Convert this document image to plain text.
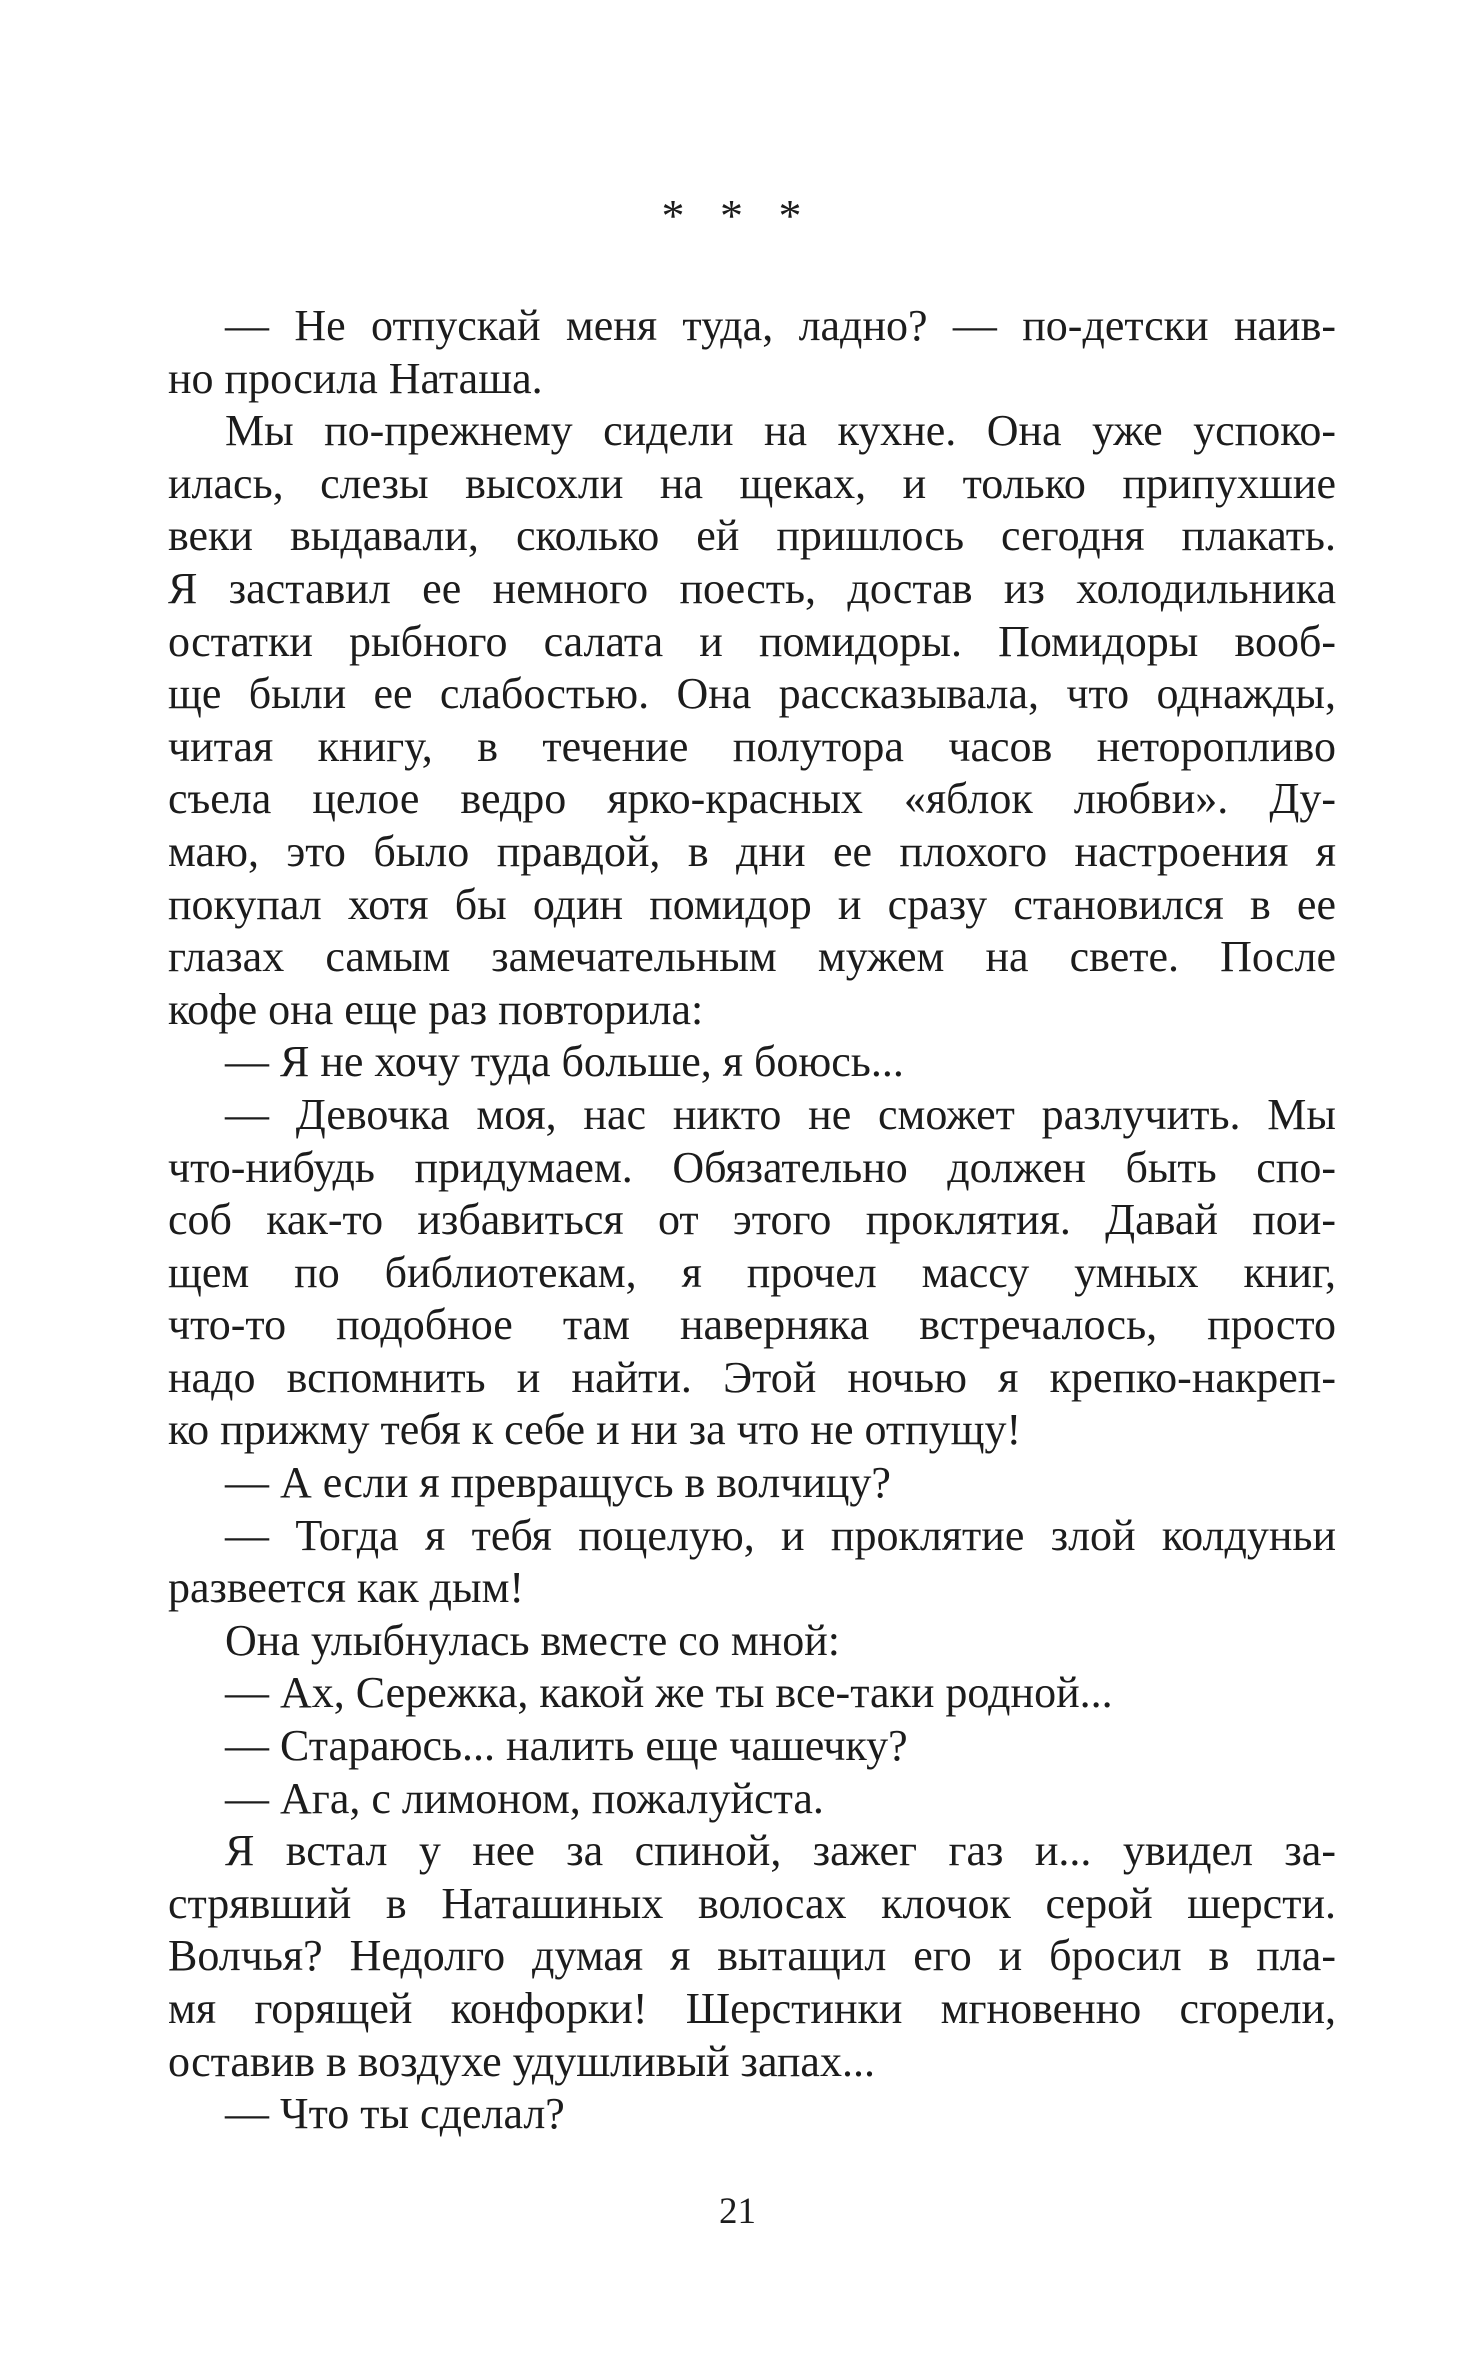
* * *
— Не отпускай меня туда, ладно? — по-детски наив-
но просила Наташа.
Мы по-прежнему сидели на кухне. Она уже успоко-
илась, слезы высохли на щеках, и только припухшие
веки выдавали, сколько ей пришлось сегодня плакать.
Я заставил ее немного поесть, достав из холодильника
остатки рыбного салата и помидоры. Помидоры вооб-
ще были ее слабостью. Она рассказывала, что однажды,
читая книгу, в течение полутора часов неторопливо
съела целое ведро ярко-красных «яблок любви». Ду-
маю, это было правдой, в дни ее плохого настроения я
покупал хотя бы один помидор и сразу становился в ее
глазах самым замечательным мужем на свете. После
кофе она еще раз повторила:
— Я не хочу туда больше, я боюсь...
— Девочка моя, нас никто не сможет разлучить. Мы
что-нибудь придумаем. Обязательно должен быть спо-
соб как-то избавиться от этого проклятия. Давай пои-
щем по библиотекам, я прочел массу умных книг,
что-то подобное там наверняка встречалось, просто
надо вспомнить и найти. Этой ночью я крепко-накреп-
ко прижму тебя к себе и ни за что не отпущу!
— А если я превращусь в волчицу?
— Тогда я тебя поцелую, и проклятие злой колдуньи
развеется как дым!
Она улыбнулась вместе со мной:
— Ах, Сережка, какой же ты все-таки родной...
— Стараюсь... налить еще чашечку?
— Ага, с лимоном, пожалуйста.
Я встал у нее за спиной, зажег газ и... увидел за-
стрявший в Наташиных волосах клочок серой шерсти.
Волчья? Недолго думая я вытащил его и бросил в пла-
мя горящей конфорки! Шерстинки мгновенно сгорели,
оставив в воздухе удушливый запах...
— Что ты сделал?
21
